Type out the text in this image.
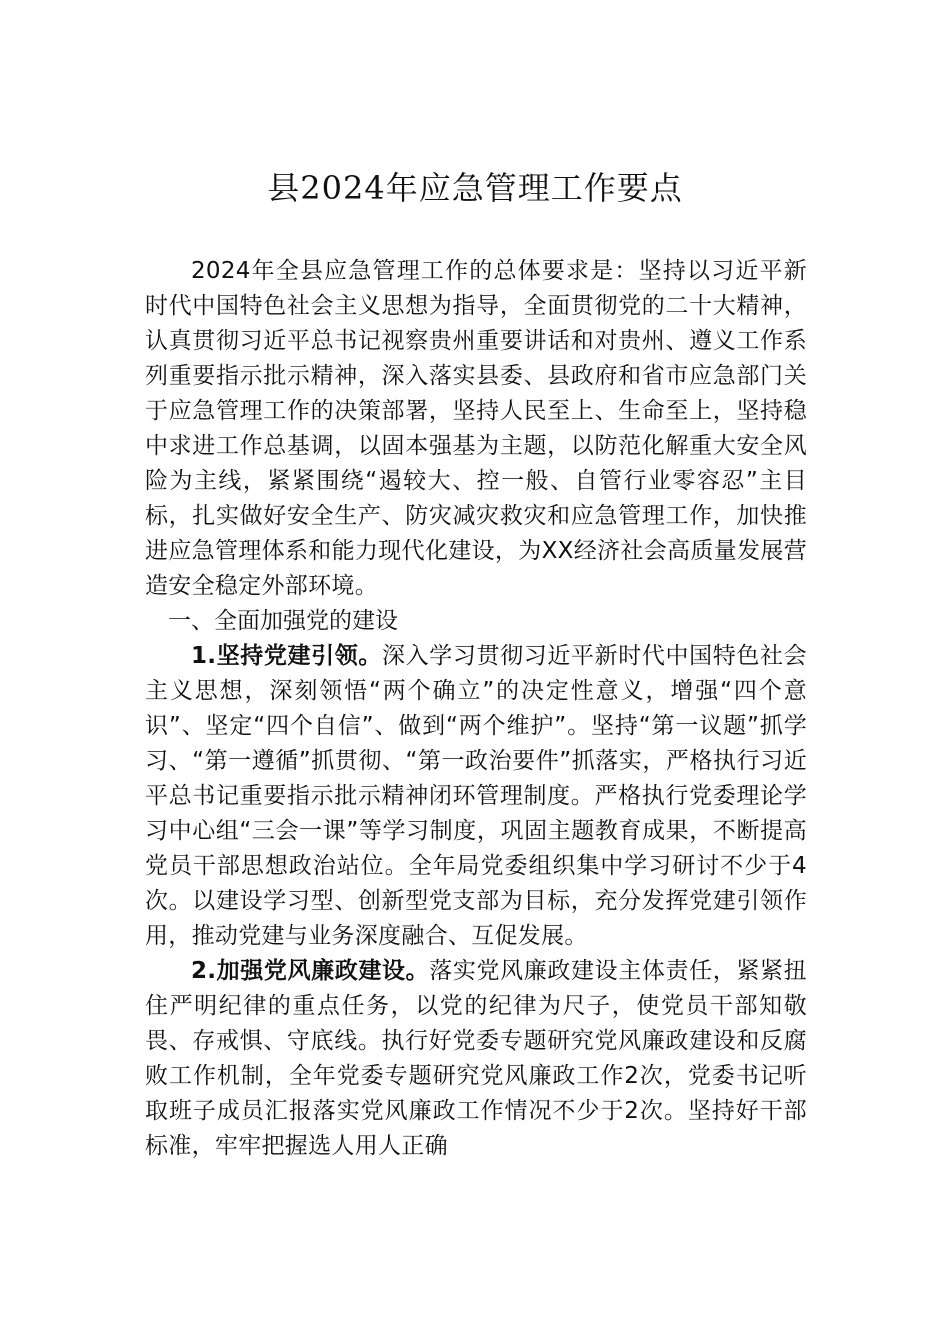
县2024年应急管理工作要点

2024年全县应急管理工作的总体要求是：坚持以习近平新时代中国特色社会主义思想为指导，全面贯彻党的二十大精神，认真贯彻习近平总书记视察贵州重要讲话和对贵州、遵义工作系列重要指示批示精神，深入落实县委、县政府和省市应急部门关于应急管理工作的决策部署，坚持人民至上、生命至上，坚持稳中求进工作总基调，以固本强基为主题，以防范化解重大安全风险为主线，紧紧围绕“遏较大、控一般、自管行业零容忍”主目标，扎实做好安全生产、防灾减灾救灾和应急管理工作，加快推进应急管理体系和能力现代化建设，为XX经济社会高质量发展营造安全稳定外部环境。

一、全面加强党的建设

1.坚持党建引领。深入学习贯彻习近平新时代中国特色社会主义思想，深刻领悟“两个确立”的决定性意义，增强“四个意识”、坚定“四个自信”、做到“两个维护”。坚持“第一议题”抓学习、“第一遵循”抓贯彻、“第一政治要件”抓落实，严格执行习近平总书记重要指示批示精神闭环管理制度。严格执行党委理论学习中心组“三会一课”等学习制度，巩固主题教育成果，不断提高党员干部思想政治站位。全年局党委组织集中学习研讨不少于4次。以建设学习型、创新型党支部为目标，充分发挥党建引领作用，推动党建与业务深度融合、互促发展。

2.加强党风廉政建设。落实党风廉政建设主体责任，紧紧扭住严明纪律的重点任务，以党的纪律为尺子，使党员干部知敬畏、存戒惧、守底线。执行好党委专题研究党风廉政建设和反腐败工作机制，全年党委专题研究党风廉政工作2次，党委书记听取班子成员汇报落实党风廉政工作情况不少于2次。坚持好干部标准，牢牢把握选人用人正确
